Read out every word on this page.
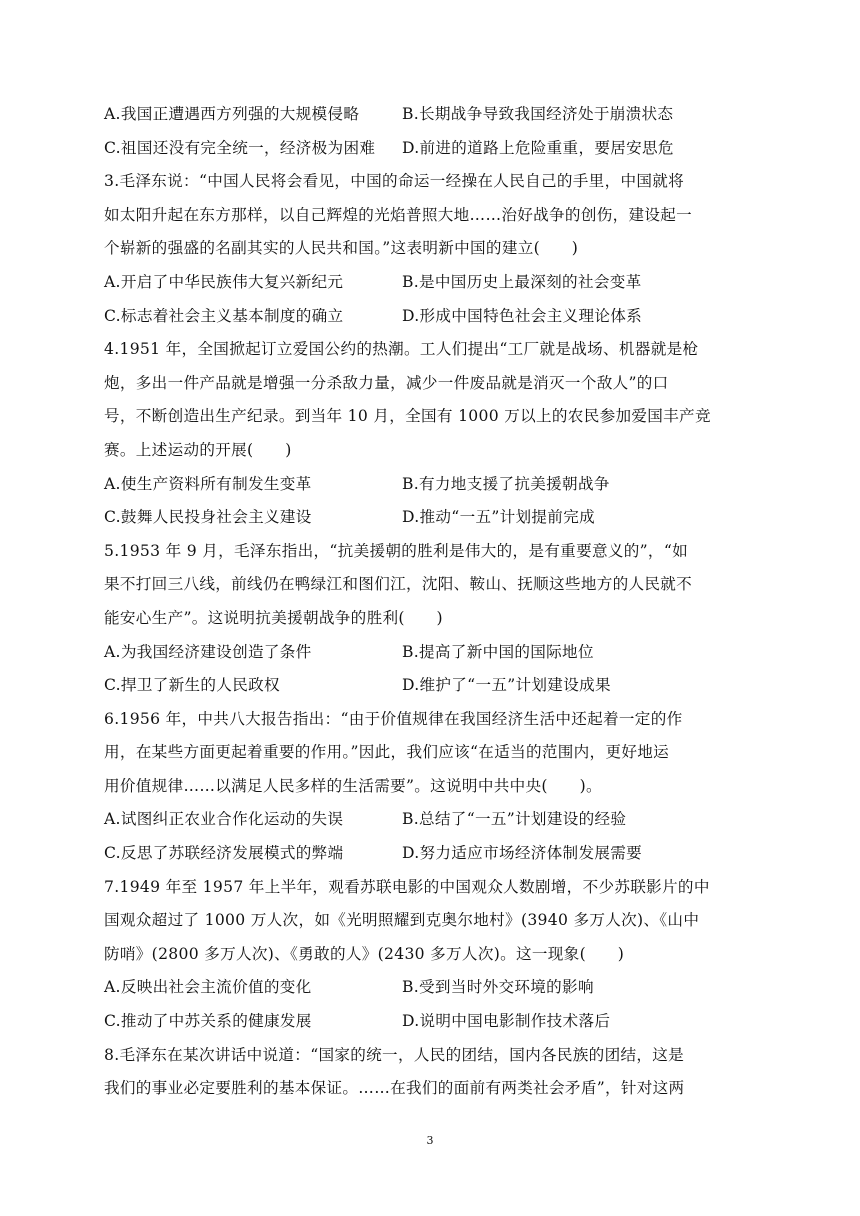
A.我国正遭遇西方列强的大规模侵略	B.长期战争导致我国经济处于崩溃状态
C.祖国还没有完全统一，经济极为困难	D.前进的道路上危险重重，要居安思危
3.毛泽东说：“中国人民将会看见，中国的命运一经操在人民自己的手里，中国就将
如太阳升起在东方那样，以自己辉煌的光焰普照大地……治好战争的创伤，建设起一
个崭新的强盛的名副其实的人民共和国。”这表明新中国的建立(　　)
A.开启了中华民族伟大复兴新纪元	B.是中国历史上最深刻的社会变革
C.标志着社会主义基本制度的确立	D.形成中国特色社会主义理论体系
4.1951 年，全国掀起订立爱国公约的热潮。工人们提出“工厂就是战场、机器就是枪
炮，多出一件产品就是增强一分杀敌力量，减少一件废品就是消灭一个敌人”的口
号，不断创造出生产纪录。到当年 10 月，全国有 1000 万以上的农民参加爱国丰产竞
赛。上述运动的开展(　　)
A.使生产资料所有制发生变革	B.有力地支援了抗美援朝战争
C.鼓舞人民投身社会主义建设	D.推动“一五”计划提前完成
5.1953 年 9 月，毛泽东指出，“抗美援朝的胜利是伟大的，是有重要意义的”，“如
果不打回三八线，前线仍在鸭绿江和图们江，沈阳、鞍山、抚顺这些地方的人民就不
能安心生产”。这说明抗美援朝战争的胜利(　　)
A.为我国经济建设创造了条件	B.提高了新中国的国际地位
C.捍卫了新生的人民政权	D.维护了“一五”计划建设成果
6.1956 年，中共八大报告指出：“由于价值规律在我国经济生活中还起着一定的作
用，在某些方面更起着重要的作用。”因此，我们应该“在适当的范围内，更好地运
用价值规律……以满足人民多样的生活需要”。这说明中共中央(　　)。
A.试图纠正农业合作化运动的失误	B.总结了“一五”计划建设的经验
C.反思了苏联经济发展模式的弊端	D.努力适应市场经济体制发展需要
7.1949 年至 1957 年上半年，观看苏联电影的中国观众人数剧增，不少苏联影片的中
国观众超过了 1000 万人次，如《光明照耀到克奥尔地村》(3940 多万人次)、《山中
防哨》(2800 多万人次)、《勇敢的人》(2430 多万人次)。这一现象(　　)
A.反映出社会主流价值的变化	B.受到当时外交环境的影响
C.推动了中苏关系的健康发展	D.说明中国电影制作技术落后
8.毛泽东在某次讲话中说道：“国家的统一，人民的团结，国内各民族的团结，这是
我们的事业必定要胜利的基本保证。……在我们的面前有两类社会矛盾”，针对这两
3
